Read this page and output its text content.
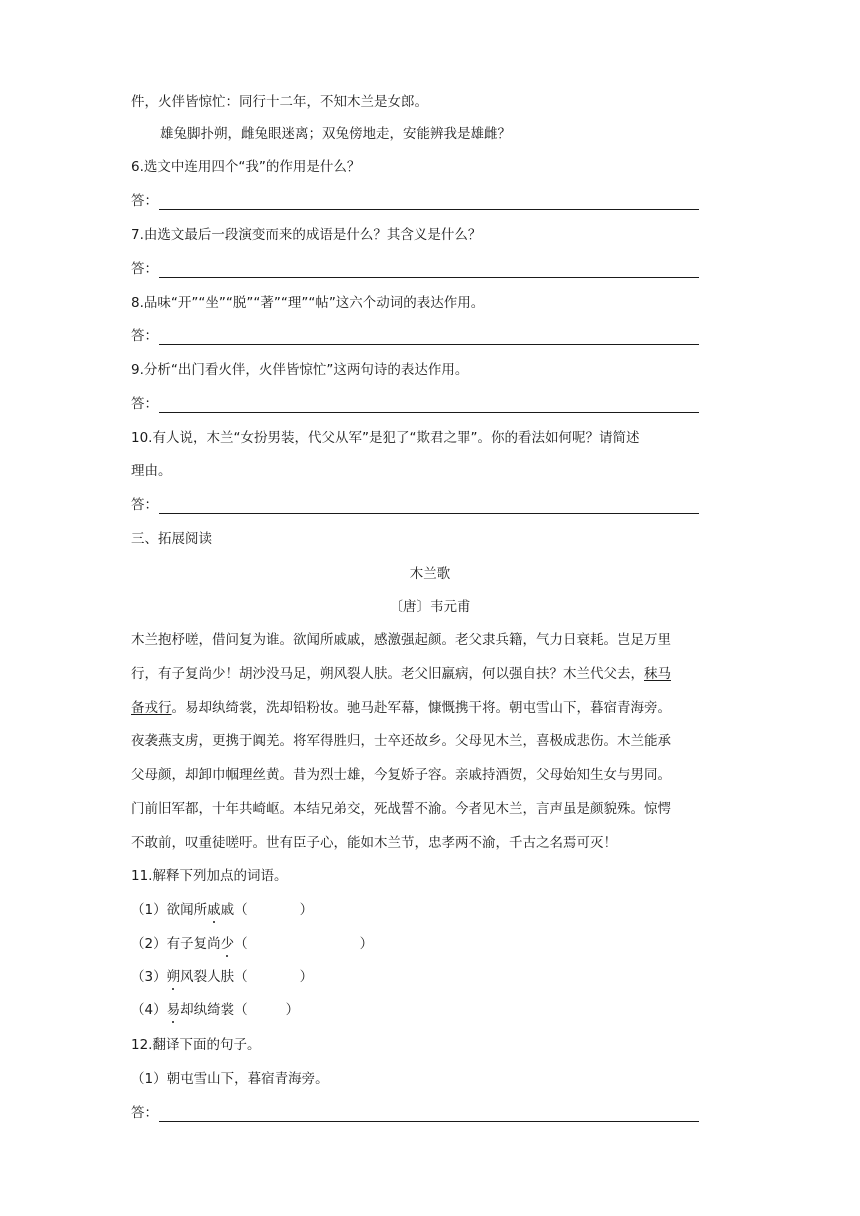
件，火伴皆惊忙：同行十二年，不知木兰是女郎。

雄兔脚扑朔，雌兔眼迷离；双兔傍地走，安能辨我是雄雌？

6.选文中连用四个“我”的作用是什么？

答：

7.由选文最后一段演变而来的成语是什么？其含义是什么？

答：

8.品味“开”“坐”“脱”“著”“理”“帖”这六个动词的表达作用。

答：

9.分析“出门看火伴，火伴皆惊忙”这两句诗的表达作用。

答：

10.有人说，木兰“女扮男装，代父从军”是犯了“欺君之罪”。你的看法如何呢？请简述

理由。

答：

三、拓展阅读

木兰歌

〔唐〕韦元甫

木兰抱杼嗟，借问复为谁。欲闻所戚戚，感激强起颜。老父隶兵籍，气力日衰耗。岂足万里

行，有子复尚少！胡沙没马足，朔风裂人肤。老父旧羸病，何以强自扶？木兰代父去，秣马

备戎行。易却纨绮裳，洗却铅粉妆。驰马赴军幕，慷慨携干将。朝屯雪山下，暮宿青海旁。

夜袭燕支虏，更携于阗羌。将军得胜归，士卒还故乡。父母见木兰，喜极成悲伤。木兰能承

父母颜，却卸巾帼理丝黄。昔为烈士雄，今复娇子容。亲戚持酒贺，父母始知生女与男同。

门前旧军都，十年共崎岖。本结兄弟交，死战誓不渝。今者见木兰，言声虽是颜貌殊。惊愕

不敢前，叹重徒嗟吁。世有臣子心，能如木兰节，忠孝两不渝，千古之名焉可灭！

11.解释下列加点的词语。

（1）欲闻所戚戚（	）

（2）有子复尚少（	）

（3）朔风裂人肤（	）

（4）易却纨绮裳（	）

12.翻译下面的句子。

（1）朝屯雪山下，暮宿青海旁。

答：
